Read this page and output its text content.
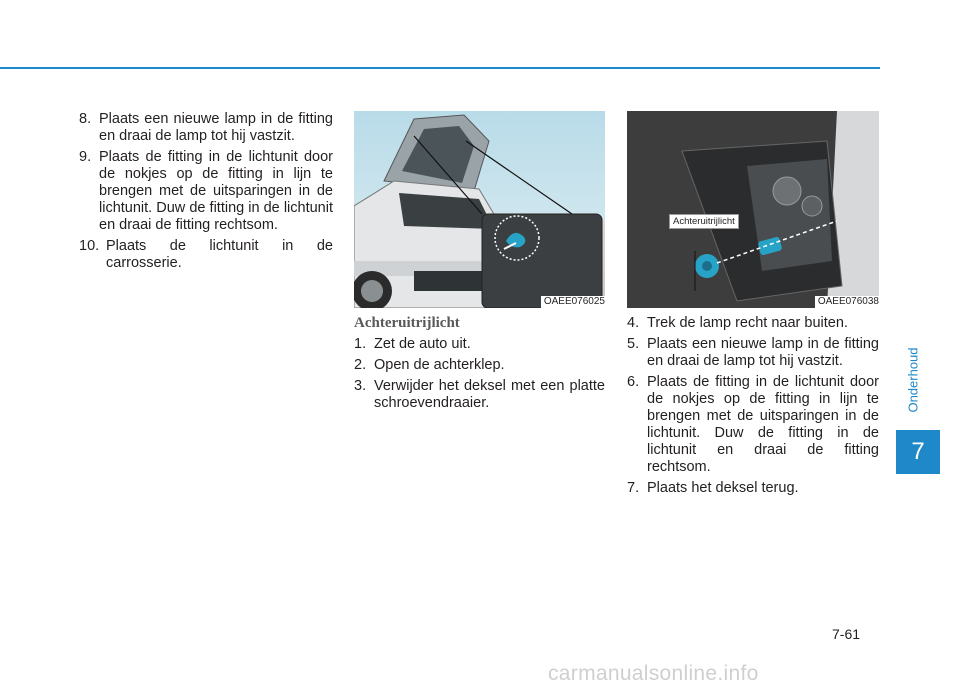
8. Plaats een nieuwe lamp in de fitting en draai de lamp tot hij vastzit.
9. Plaats de fitting in de lichtunit door de nokjes op de fitting in lijn te brengen met de uitsparingen in de lichtunit. Duw de fitting in de lichtunit en draai de fitting rechtsom.
10. Plaats de lichtunit in de carrosserie.
OAEE076025
Achteruitrijlicht
OAEE076038
Achteruitrijlicht
1. Zet de auto uit.
2. Open de achterklep.
3. Verwijder het deksel met een platte schroevendraaier.
4. Trek de lamp recht naar buiten.
5. Plaats een nieuwe lamp in de fitting en draai de lamp tot hij vastzit.
6. Plaats de fitting in de lichtunit door de nokjes op de fitting in lijn te brengen met de uitsparingen in de lichtunit. Duw de fitting in de lichtunit en draai de fitting rechtsom.
7. Plaats het deksel terug.
Onderhoud
7
7-61
carmanualsonline.info
